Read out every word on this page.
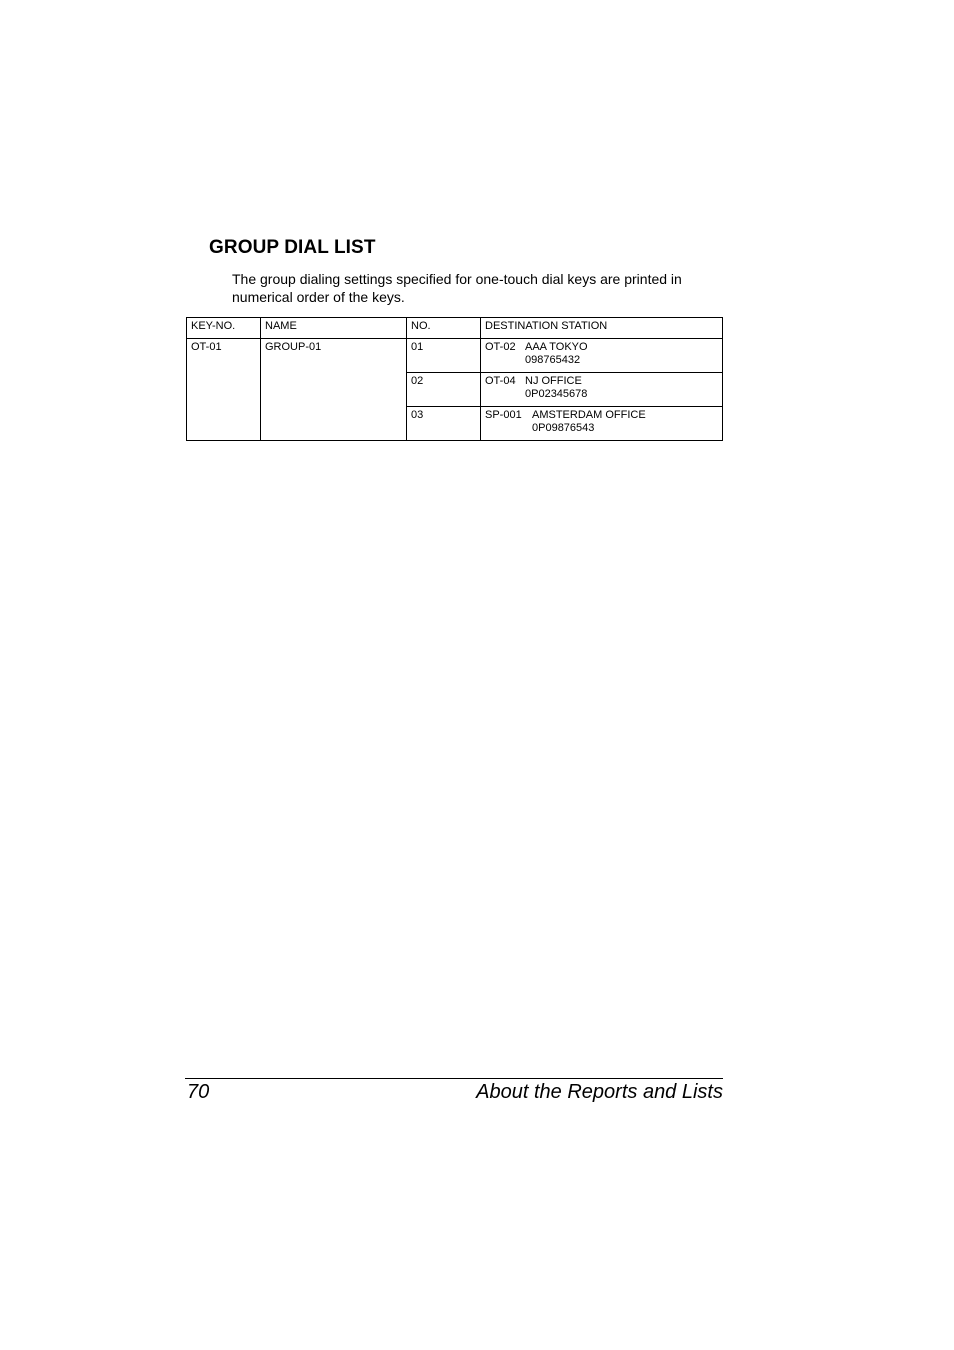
GROUP DIAL LIST
The group dialing settings specified for one-touch dial keys are printed in numerical order of the keys.
KEY-NO.	NAME	NO.	DESTINATION STATION
OT-01	GROUP-01	01	OT-02 AAA TOKYO
098765432

		02	OT-04 NJ OFFICE
0P02345678

		03	SP-001 AMSTERDAM OFFICE
0P09876543
70	About the Reports and Lists
